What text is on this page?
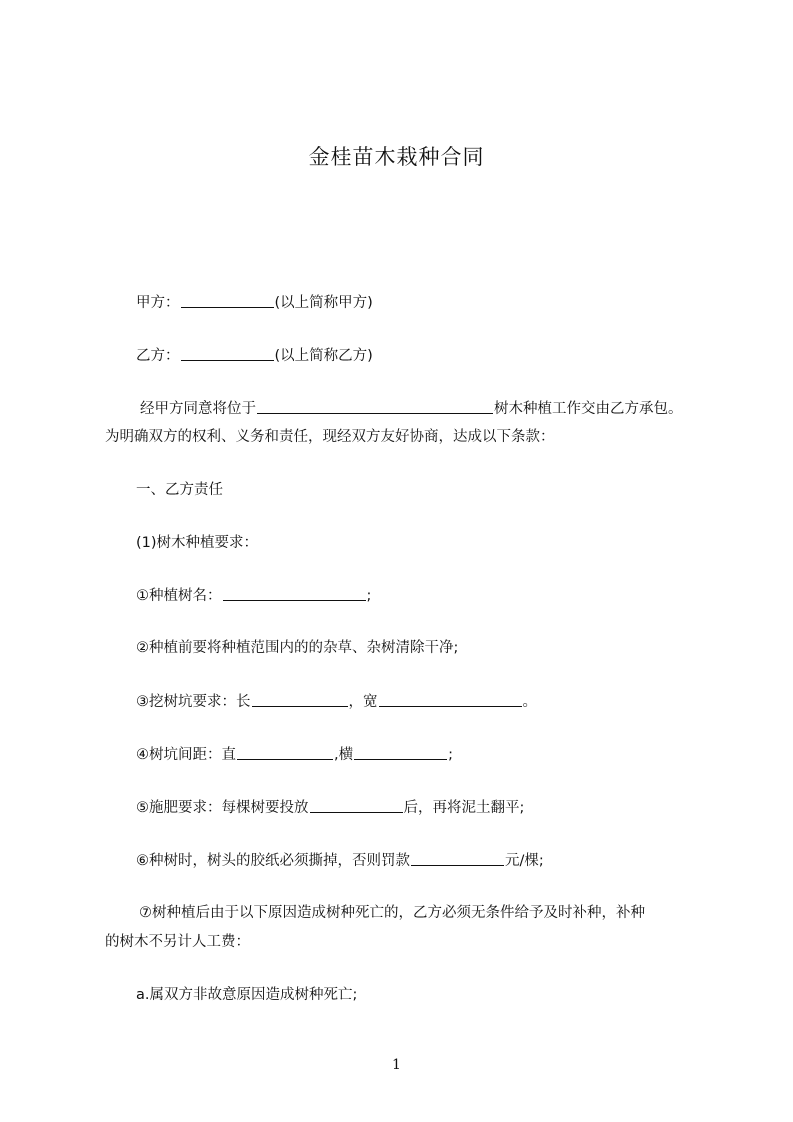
金桂苗木栽种合同
甲方：	(以上简称甲方)
乙方：	(以上简称乙方)
经甲方同意将位于	树木种植工作交由乙方承包。
为明确双方的权利、义务和责任，现经双方友好协商，达成以下条款：
一、乙方责任
(1)树木种植要求：
①种植树名：	;
②种植前要将种植范围内的的杂草、杂树清除干净;
③挖树坑要求：长	，宽	。
④树坑间距：直	,横	;
⑤施肥要求：每棵树要投放	后，再将泥土翻平;
⑥种树时，树头的胶纸必须撕掉，否则罚款	元/棵;
⑦树种植后由于以下原因造成树种死亡的，乙方必须无条件给予及时补种，补种
的树木不另计人工费：
a.属双方非故意原因造成树种死亡;
1
